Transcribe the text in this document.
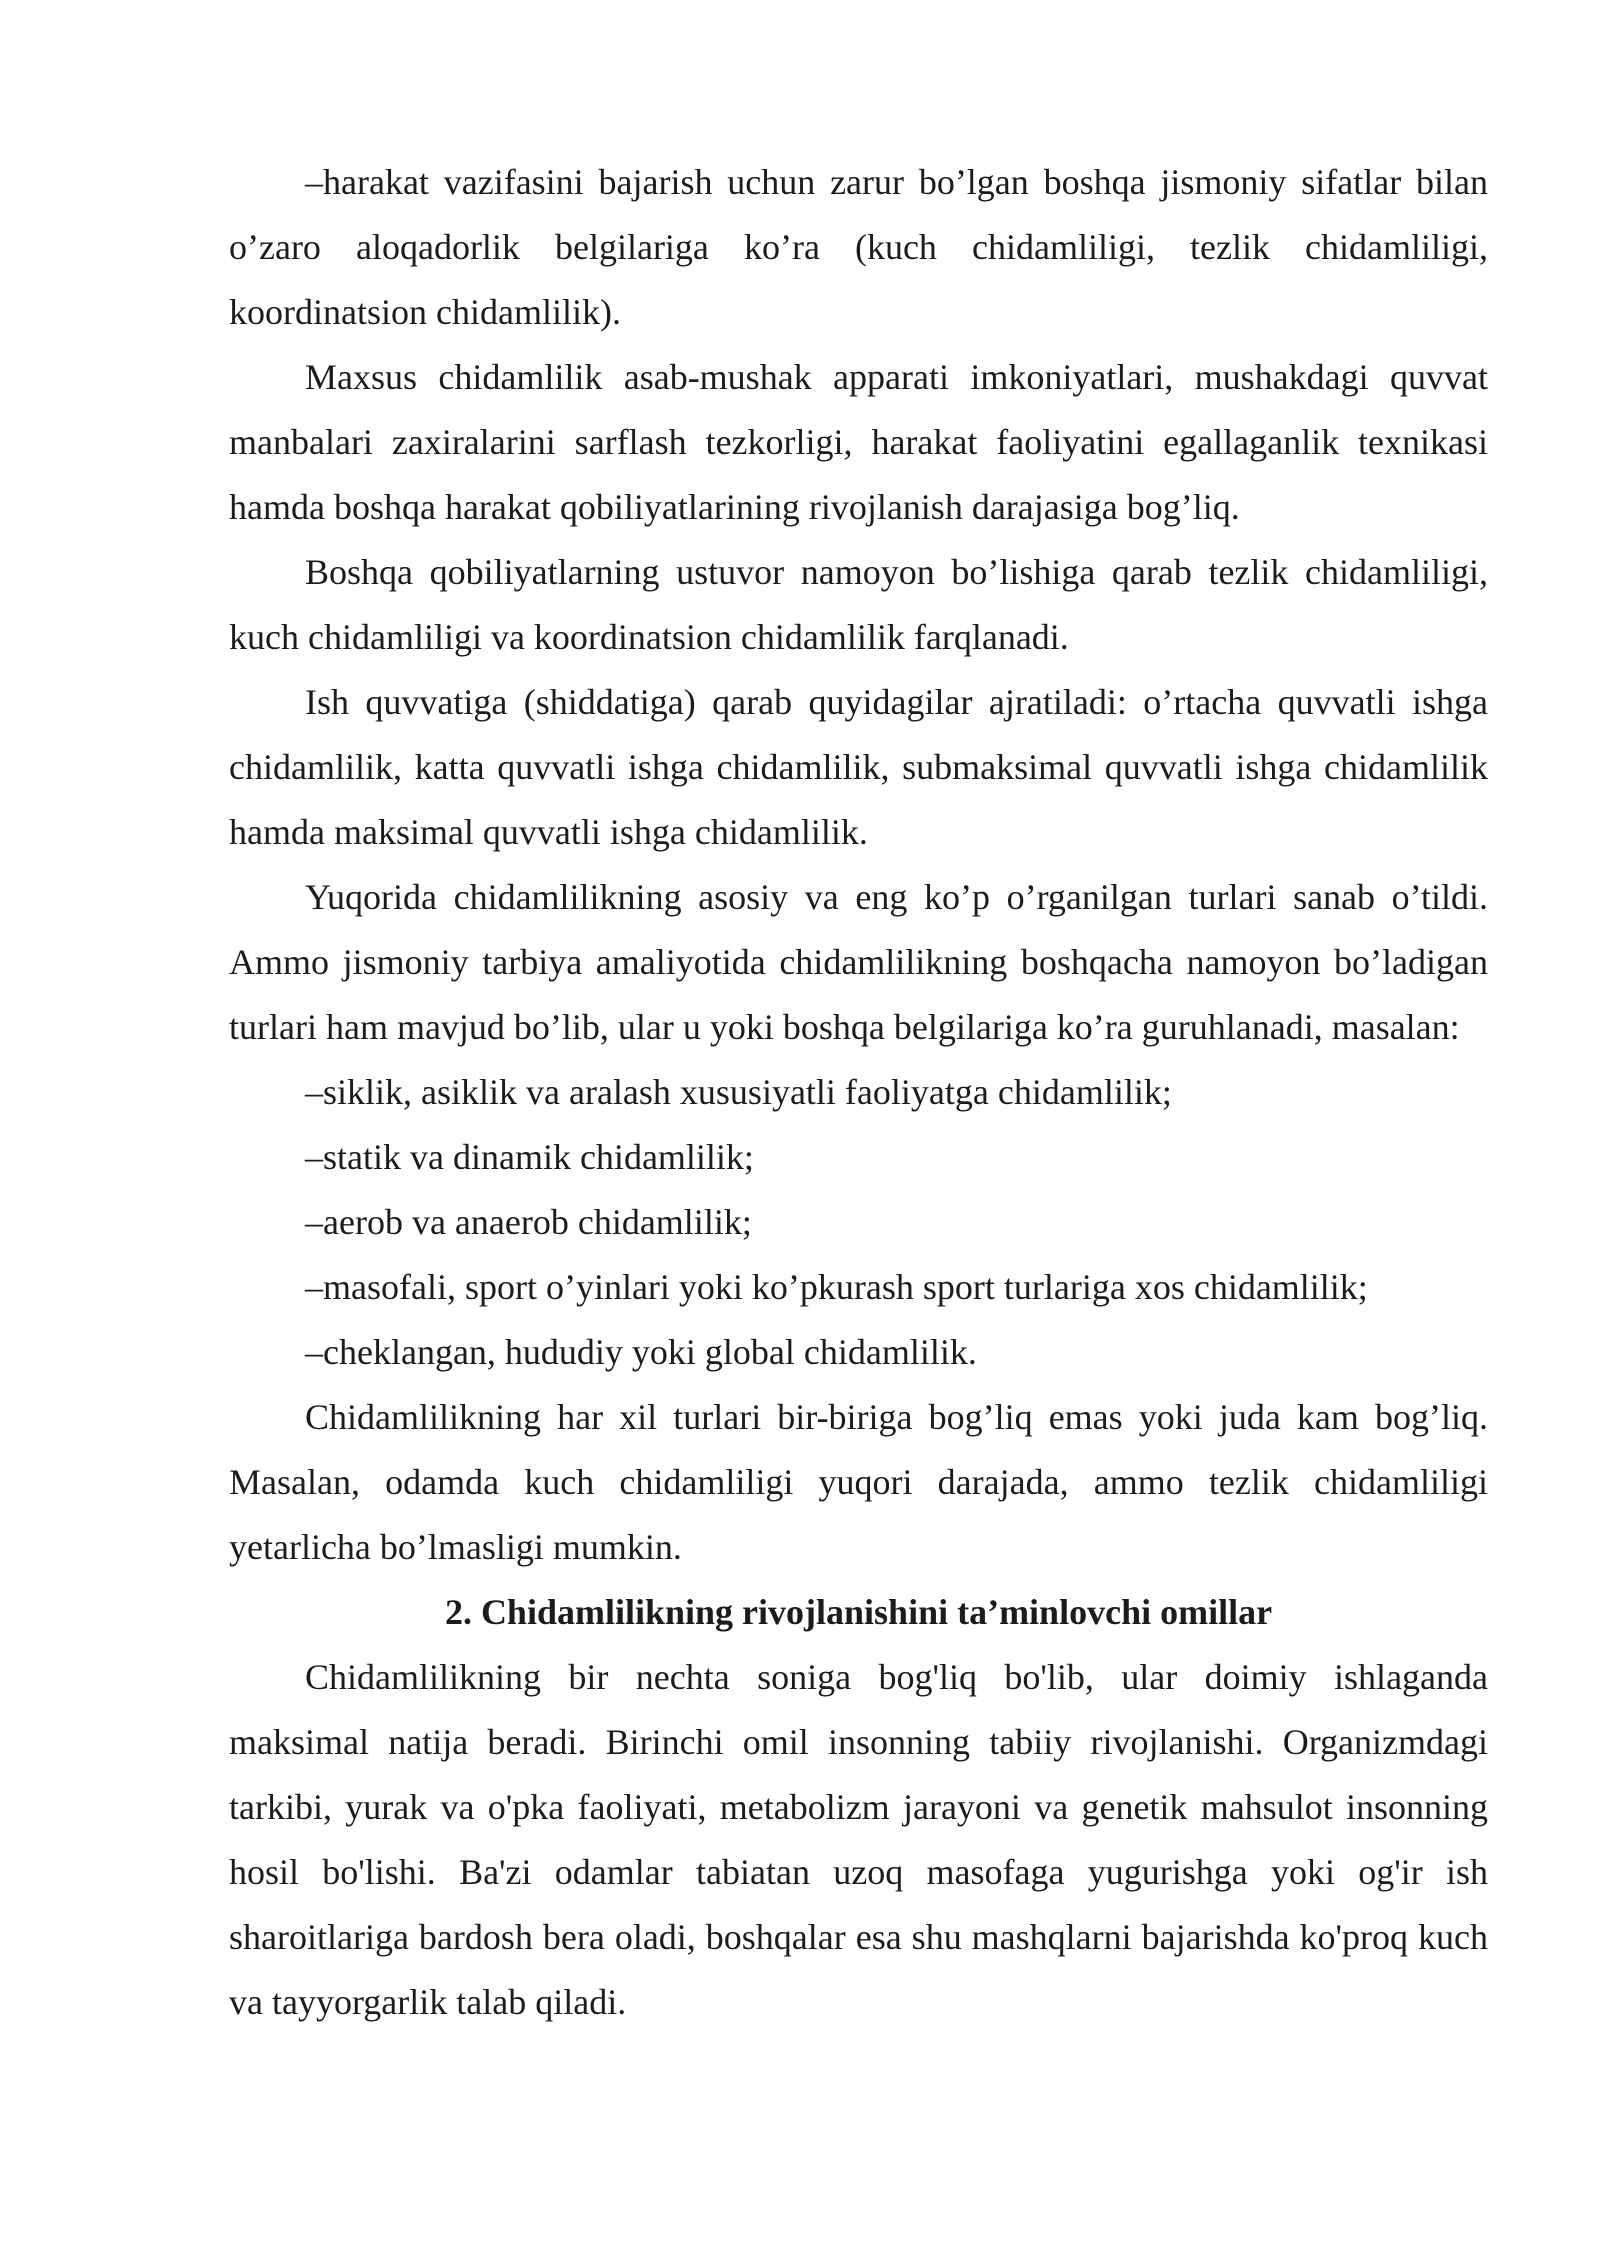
–harakat vazifasini bajarish uchun zarur bo’lgan boshqa jismoniy sifatlar bilan o’zaro aloqadorlik belgilariga ko’ra (kuch chidamliligi, tezlik chidamliligi, koordinatsion chidamlilik).

Maxsus chidamlilik asab-mushak apparati imkoniyatlari, mushakdagi quvvat manbalari zaxiralarini sarflash tezkorligi, harakat faoliyatini egallaganlik texnikasi hamda boshqa harakat qobiliyatlarining rivojlanish darajasiga bog’liq.

Boshqa qobiliyatlarning ustuvor namoyon bo’lishiga qarab tezlik chidamliligi, kuch chidamliligi va koordinatsion chidamlilik farqlanadi.

Ish quvvatiga (shiddatiga) qarab quyidagilar ajratiladi: o’rtacha quvvatli ishga chidamlilik, katta quvvatli ishga chidamlilik, submaksimal quvvatli ishga chidamlilik hamda maksimal quvvatli ishga chidamlilik.

Yuqorida chidamlilikning asosiy va eng ko’p o’rganilgan turlari sanab o’tildi. Ammo jismoniy tarbiya amaliyotida chidamlilikning boshqacha namoyon bo’ladigan turlari ham mavjud bo’lib, ular u yoki boshqa belgilariga ko’ra guruhlanadi, masalan:

–siklik, asiklik va aralash xususiyatli faoliyatga chidamlilik;

–statik va dinamik chidamlilik;

–aerob va anaerob chidamlilik;

–masofali, sport o’yinlari yoki ko’pkurash sport turlariga xos chidamlilik;

–cheklangan, hududiy yoki global chidamlilik.

Chidamlilikning har xil turlari bir-biriga bog’liq emas yoki juda kam bog’liq. Masalan, odamda kuch chidamliligi yuqori darajada, ammo tezlik chidamliligi yetarlicha bo’lmasligi mumkin.

2. Chidamlilikning rivojlanishini ta’minlovchi omillar

Chidamlilikning bir nechta soniga bog'liq bo'lib, ular doimiy ishlaganda maksimal natija beradi. Birinchi omil insonning tabiiy rivojlanishi. Organizmdagi tarkibi, yurak va o'pka faoliyati, metabolizm jarayoni va genetik mahsulot insonning hosil bo'lishi. Ba'zi odamlar tabiatan uzoq masofaga yugurishga yoki og'ir ish sharoitlariga bardosh bera oladi, boshqalar esa shu mashqlarni bajarishda ko'proq kuch va tayyorgarlik talab qiladi.
